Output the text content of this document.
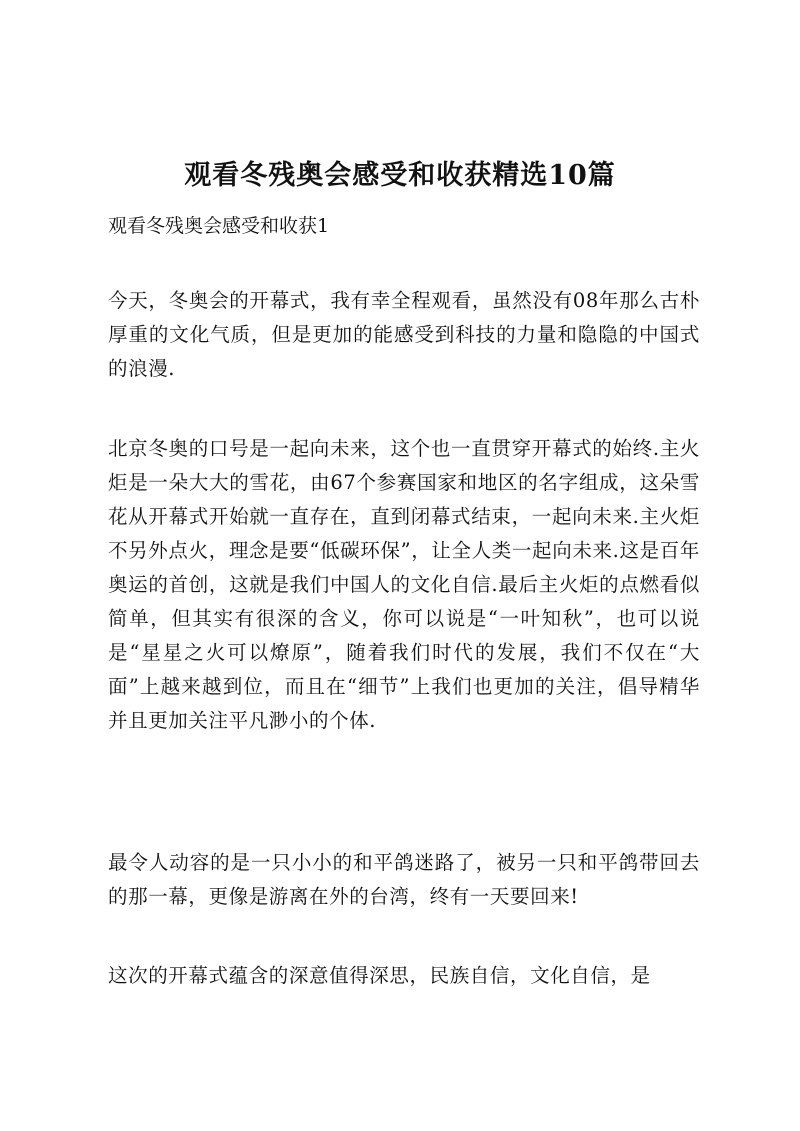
观看冬残奥会感受和收获精选10篇

观看冬残奥会感受和收获1

今天，冬奥会的开幕式，我有幸全程观看，虽然没有08年那么古朴厚重的文化气质，但是更加的能感受到科技的力量和隐隐的中国式的浪漫.

北京冬奥的口号是一起向未来，这个也一直贯穿开幕式的始终.主火炬是一朵大大的雪花，由67个参赛国家和地区的名字组成，这朵雪花从开幕式开始就一直存在，直到闭幕式结束，一起向未来.主火炬不另外点火，理念是要“低碳环保”，让全人类一起向未来.这是百年奥运的首创，这就是我们中国人的文化自信.最后主火炬的点燃看似简单，但其实有很深的含义，你可以说是“一叶知秋”，也可以说是“星星之火可以燎原”，随着我们时代的发展，我们不仅在“大面”上越来越到位，而且在“细节”上我们也更加的关注，倡导精华并且更加关注平凡渺小的个体.

最令人动容的是一只小小的和平鸽迷路了，被另一只和平鸽带回去的那一幕，更像是游离在外的台湾，终有一天要回来!

这次的开幕式蕴含的深意值得深思，民族自信，文化自信，是
